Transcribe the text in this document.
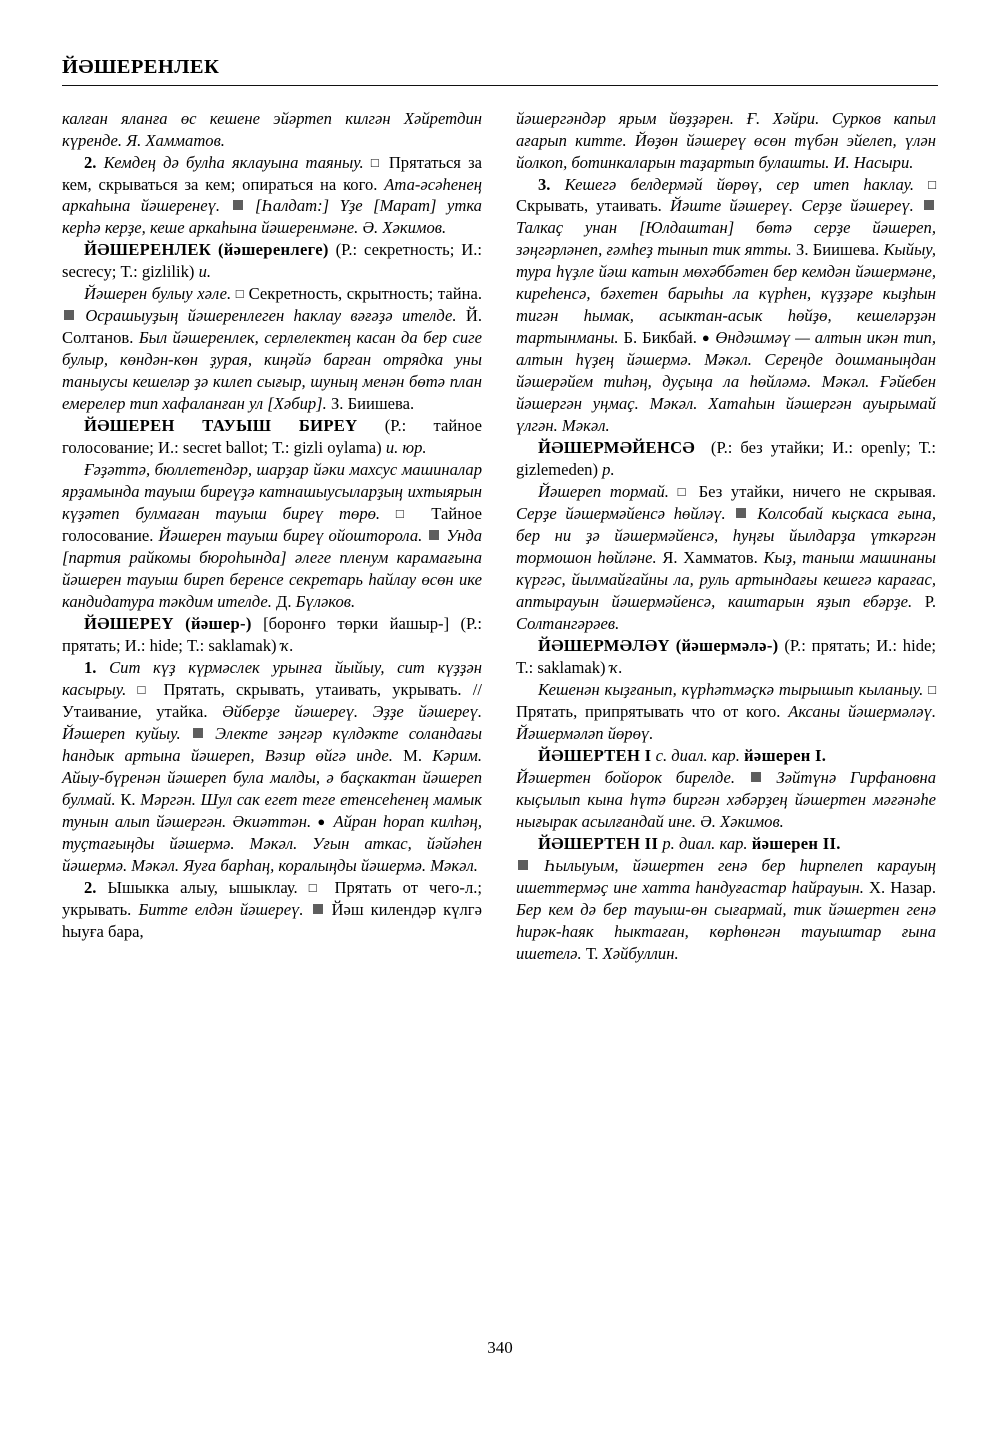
ЙӘШЕРЕНЛЕК

калған яланға өс кешене эйәртеп килгән Хәйретдин күренде. Я. Хамматов.

2. Кемдең дә булһа яклауына таяныу. □ Прятаться за кем, скрываться за кем; опираться на кого. Ата-әсәһенең аркаһына йәшеренеү.  [Һалдат:] Үҙе [Марат] утка керһә керҙе, кеше аркаһына йәшеренмәне. Ә. Хәкимов.

ЙӘШЕРЕНЛЕК (йәшеренлеге) (Р.: секретность; И.: secrecy; Т.: gizlilik) и.

Йәшерен булыу хәле. □ Секретность, скрытность; тайна.  Осрашыуҙың йәшеренлеген һаклау вәғәҙә ителде. Й. Солтанов. Был йәшеренлек, серлелектең касан да бер сиге булыр, көндән-көн ҙурая, киңәйә барған отрядка уны таныусы кешеләр ҙә килеп сығыр, шуның менән бөтә план емерелер тип хафаланған ул [Хәбир]. З. Биишева.

ЙӘШЕРЕН ТАУЫШ БИРЕҮ (Р.: тайное голосование; И.: secret ballot; Т.: gizli oylama) и. юр.

Ғәҙәттә, бюллетендәр, шарҙар йәки махсус машиналар ярҙамында тауыш биреүҙә катнашыусыларҙың ихтыярын күҙәтеп булмаған тауыш биреү төрө. □ Тайное голосование. Йәшерен тауыш биреү ойошторола.  Унда [партия райкомы бюроһында] әлеге пленум карамағына йәшерен тауыш биреп беренсе секретарь һайлау өсөн ике кандидатура тәкдим ителде. Д. Бүләков.

ЙӘШЕРЕҮ (йәшер-) [боронғо төрки йашыр-] (Р.: прятать; И.: hide; Т.: saklamak) ҡ.

1. Сит күҙ күрмәслек урынға йыйыу, сит күҙҙән касырыу. □ Прятать, скрывать, утаивать, укрывать. // Утаивание, утайка. Әйберҙе йәшереү. Эҙҙе йәшереү. Йәшереп куйыу.  Электе зәңгәр күлдәкте соландағы һандык артына йәшереп, Вәзир өйгә инде. М. Кәрим. Айыу-бүренән йәшереп була малды, ә баҫкактан йәшереп булмай. К. Мәргән. Шул сак егет теге етенсеһенең мамык тунын алып йәшергән. Әкиәттән. ● Айран һорап килһәң, туҫтағыңды йәшермә. Мәкәл. Уғын аткас, йәйәһен йәшермә. Мәкәл. Яуға барһаң, коралыңды йәшермә. Мәкәл.

2. Ышыкка алыу, ышыклау. □ Прятать от чего-л.; укрывать. Битте елдән йәшереү.  Йәш килендәр күлгә һыуға бара,

йәшергәндәр ярым йөҙҙәрен. Ғ. Хәйри. Сурков капыл ағарып китте. Йөҙөн йәшереү өсөн түбән эйелеп, үлән йолкоп, ботинкаларын таҙартып булашты. И. Насыри.

3. Кешегә белдермәй йөрөү, сер итеп һаклау. □ Скрывать, утаивать. Йәште йәшереү. Серҙе йәшереү.  Талкаҫ унан [Юлдаштан] бөтә серҙе йәшереп, зәңгәрләнеп, ғәмһеҙ тынып тик ятты. З. Биишева. Кыйыу, тура һүҙле йәш катын мөхәббәтен бер кемдән йәшермәне, киреһенсә, бәхетен барыһы ла күрһен, күҙҙәре кыҙһын тигән һымак, асыктан-асык һөйҙө, кешеләрҙән тартынманы. Б. Бикбай. ● Өндәшмәү — алтын икән тип, алтын һүҙең йәшермә. Мәкәл. Сереңде дошманыңдан йәшерәйем тиһәң, дуҫыңа ла һөйләмә. Мәкәл. Ғәйебен йәшергән уңмаҫ. Мәкәл. Хатаһын йәшергән ауырымай үлгән. Мәкәл.

ЙӘШЕРМӘЙЕНСӘ (Р.: без утайки; И.: openly; Т.: gizlemeden) р.

Йәшереп тормай. □ Без утайки, ничего не скрывая. Серҙе йәшермәйенсә һөйләү.  Колсобай кыҫкаса ғына, бер ни ҙә йәшермәйенсә, һуңғы йылдарҙа үткәргән тормошон һөйләне. Я. Хамматов. Кыҙ, таныш машинаны күргәс, йылмайғайны ла, руль артындағы кешегә карағас, аптырауын йәшермәйенсә, каштарын яҙып ебәрҙе. Р. Солтангәрәев.

ЙӘШЕРМӘЛӘҮ (йәшермәлә-) (Р.: прятать; И.: hide; Т.: saklamak) ҡ.

Кешенән кыҙғанып, күрһәтмәҫкә тырышып кыланыу. □ Прятать, припрятывать что от кого. Аксаны йәшермәләү. Йәшермәләп йөрөү.

ЙӘШЕРТЕН I с. диал. кар. йәшерен I.

Йәшертен бойорок бирелде.  Зәйтүнә Гирфановна кыҫылып кына һүтә биргән хәбәрҙең йәшертен мәғәнәһе нығырак асылғандай ине. Ә. Хәкимов.

ЙӘШЕРТЕН II р. диал. кар. йәшерен II.

Һылыуым, йәшертен генә бер һирпелеп карауың ишеттермәҫ ине хатта һандуғастар һайрауын. Х. Назар. Бер кем дә бер тауыш-өн сығармай, тик йәшертен генә һирәк-һаяк һыктаған, көрһөнгән тауыштар ғына ишетелә. Т. Хәйбуллин.

340
